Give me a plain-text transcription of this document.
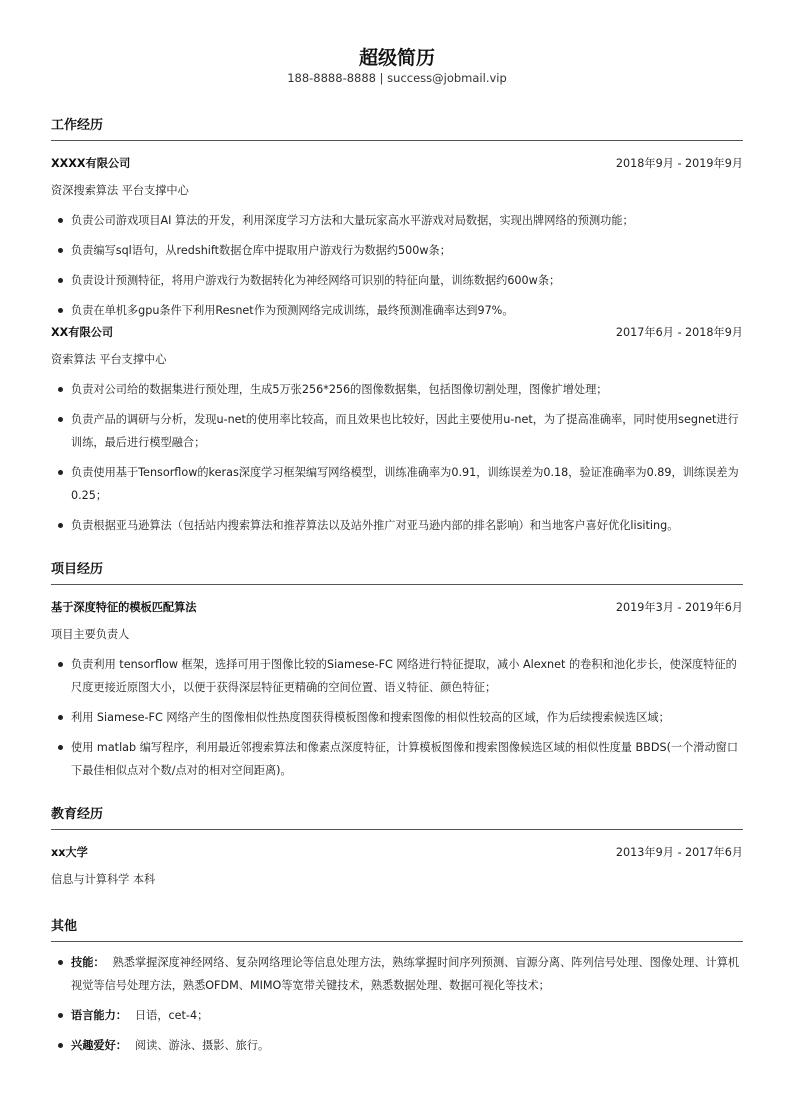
超级简历
188-8888-8888 | success@jobmail.vip
工作经历
XXXX有限公司	2018年9月 - 2019年9月
资深搜索算法 平台支撑中心
负责公司游戏项目AI 算法的开发，利用深度学习方法和大量玩家高水平游戏对局数据，实现出牌网络的预测功能；
负责编写sql语句，从redshift数据仓库中提取用户游戏行为数据约500w条；
负责设计预测特征，将用户游戏行为数据转化为神经网络可识别的特征向量，训练数据约600w条；
负责在单机多gpu条件下利用Resnet作为预测网络完成训练，最终预测准确率达到97%。
XX有限公司	2017年6月 - 2018年9月
资索算法 平台支撑中心
负责对公司给的数据集进行预处理，生成5万张256*256的图像数据集，包括图像切割处理，图像扩增处理；
负责产品的调研与分析，发现u-net的使用率比较高，而且效果也比较好，因此主要使用u-net，为了提高准确率，同时使用segnet进行训练，最后进行模型融合；
负责使用基于Tensorflow的keras深度学习框架编写网络模型，训练准确率为0.91，训练误差为0.18，验证准确率为0.89，训练误差为0.25；
负责根据亚马逊算法（包括站内搜索算法和推荐算法以及站外推广对亚马逊内部的排名影响）和当地客户喜好优化lisiting。
项目经历
基于深度特征的模板匹配算法	2019年3月 - 2019年6月
项目主要负责人
负责利用 tensorflow 框架，选择可用于图像比较的Siamese-FC 网络进行特征提取，减小 Alexnet 的卷积和池化步长，使深度特征的尺度更接近原图大小，以便于获得深层特征更精确的空间位置、语义特征、颜色特征；
利用 Siamese-FC 网络产生的图像相似性热度图获得模板图像和搜索图像的相似性较高的区域，作为后续搜索候选区域；
使用 matlab 编写程序，利用最近邻搜索算法和像素点深度特征，计算模板图像和搜索图像候选区域的相似性度量 BBDS(一个滑动窗口下最佳相似点对个数/点对的相对空间距离)。
教育经历
xx大学	2013年9月 - 2017年6月
信息与计算科学 本科
其他
技能： 熟悉掌握深度神经网络、复杂网络理论等信息处理方法，熟练掌握时间序列预测、盲源分离、阵列信号处理、图像处理、计算机视觉等信号处理方法，熟悉OFDM、MIMO等宽带关键技术，熟悉数据处理、数据可视化等技术；
语言能力： 日语，cet-4；
兴趣爱好： 阅读、游泳、摄影、旅行。
